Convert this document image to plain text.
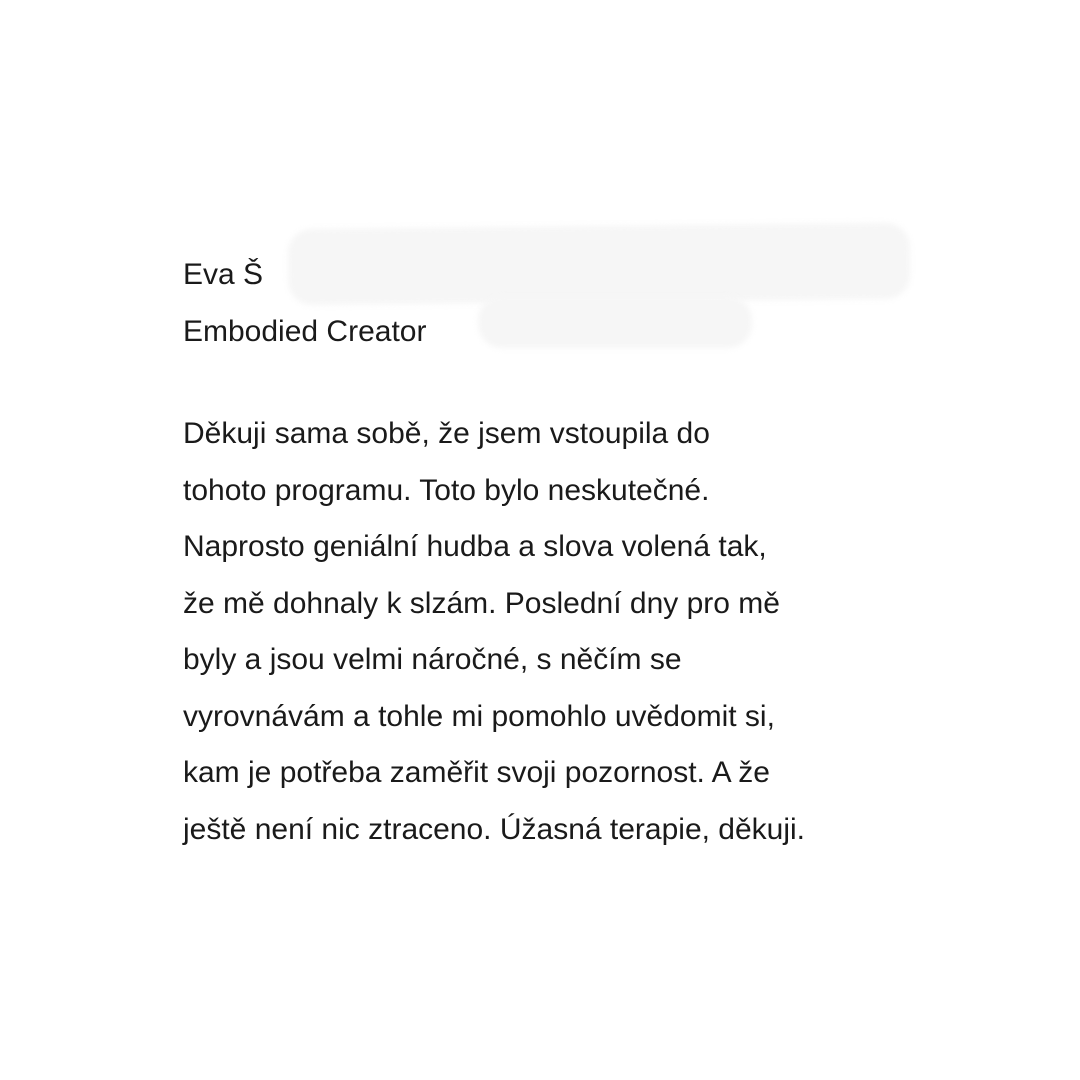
Eva Š
Embodied Creator
Děkuji sama sobě, že jsem vstoupila do
tohoto programu. Toto bylo neskutečné.
Naprosto geniální hudba a slova volená tak,
že mě dohnaly k slzám. Poslední dny pro mě
byly a jsou velmi náročné, s něčím se
vyrovnávám a tohle mi pomohlo uvědomit si,
kam je potřeba zaměřit svoji pozornost. A že
ještě není nic ztraceno. Úžasná terapie, děkuji.
